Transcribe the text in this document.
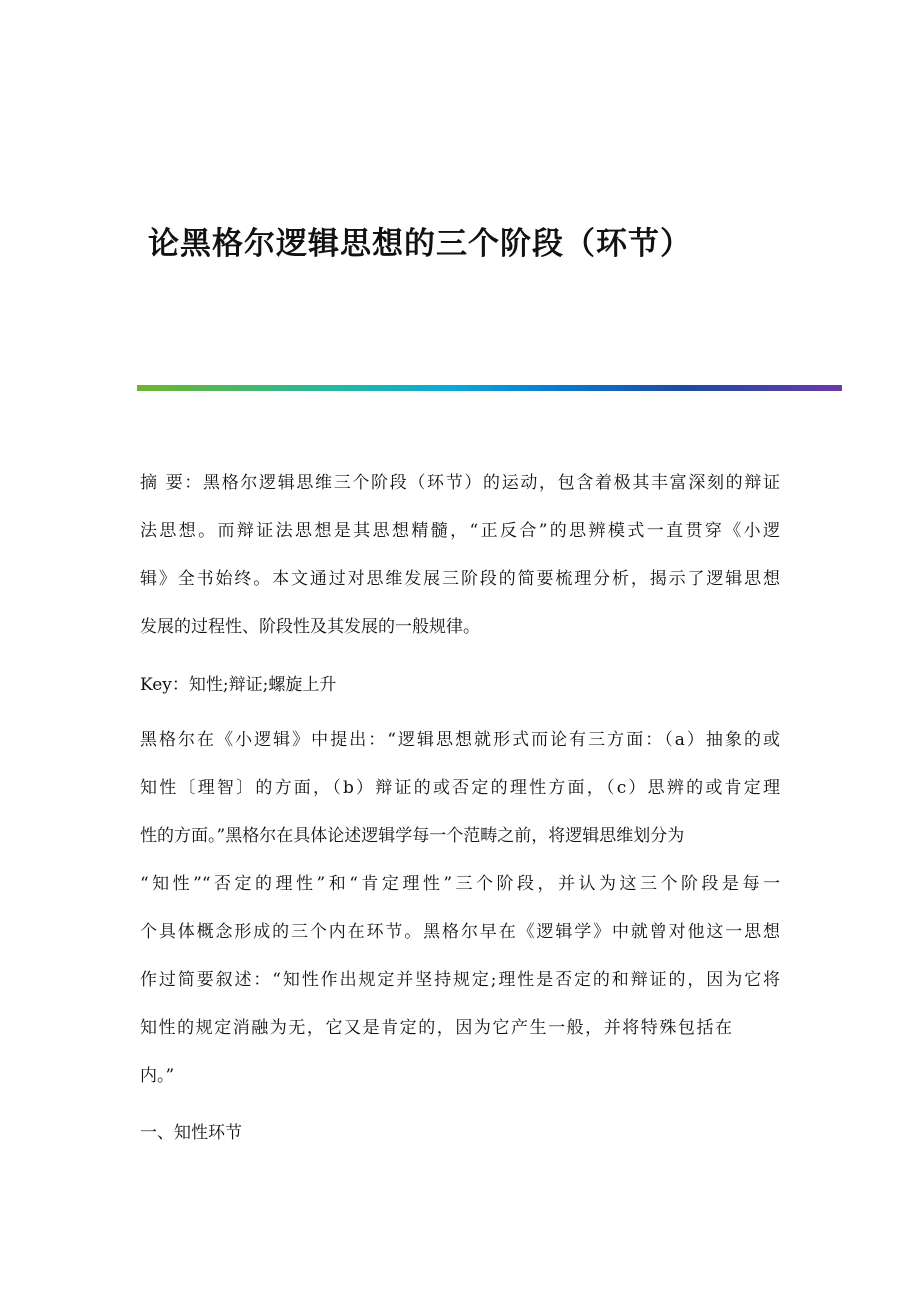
论黑格尔逻辑思想的三个阶段（环节）
摘 要：黑格尔逻辑思维三个阶段（环节）的运动，包含着极其丰富深刻的辩证
法思想。而辩证法思想是其思想精髓，“正反合”的思辨模式一直贯穿《小逻
辑》全书始终。本文通过对思维发展三阶段的简要梳理分析，揭示了逻辑思想
发展的过程性、阶段性及其发展的一般规律。
Key：知性;辩证;螺旋上升
黑格尔在《小逻辑》中提出：“逻辑思想就形式而论有三方面：（a）抽象的或
知性〔理智〕的方面，（b）辩证的或否定的理性方面，（c）思辨的或肯定理
性的方面。”黑格尔在具体论述逻辑学每一个范畴之前，将逻辑思维划分为
“知性”“否定的理性”和“肯定理性”三个阶段，并认为这三个阶段是每一
个具体概念形成的三个内在环节。黑格尔早在《逻辑学》中就曾对他这一思想
作过简要叙述：“知性作出规定并坚持规定;理性是否定的和辩证的，因为它将
知性的规定消融为无，它又是肯定的，因为它产生一般，并将特殊包括在
内。”
一、知性环节
